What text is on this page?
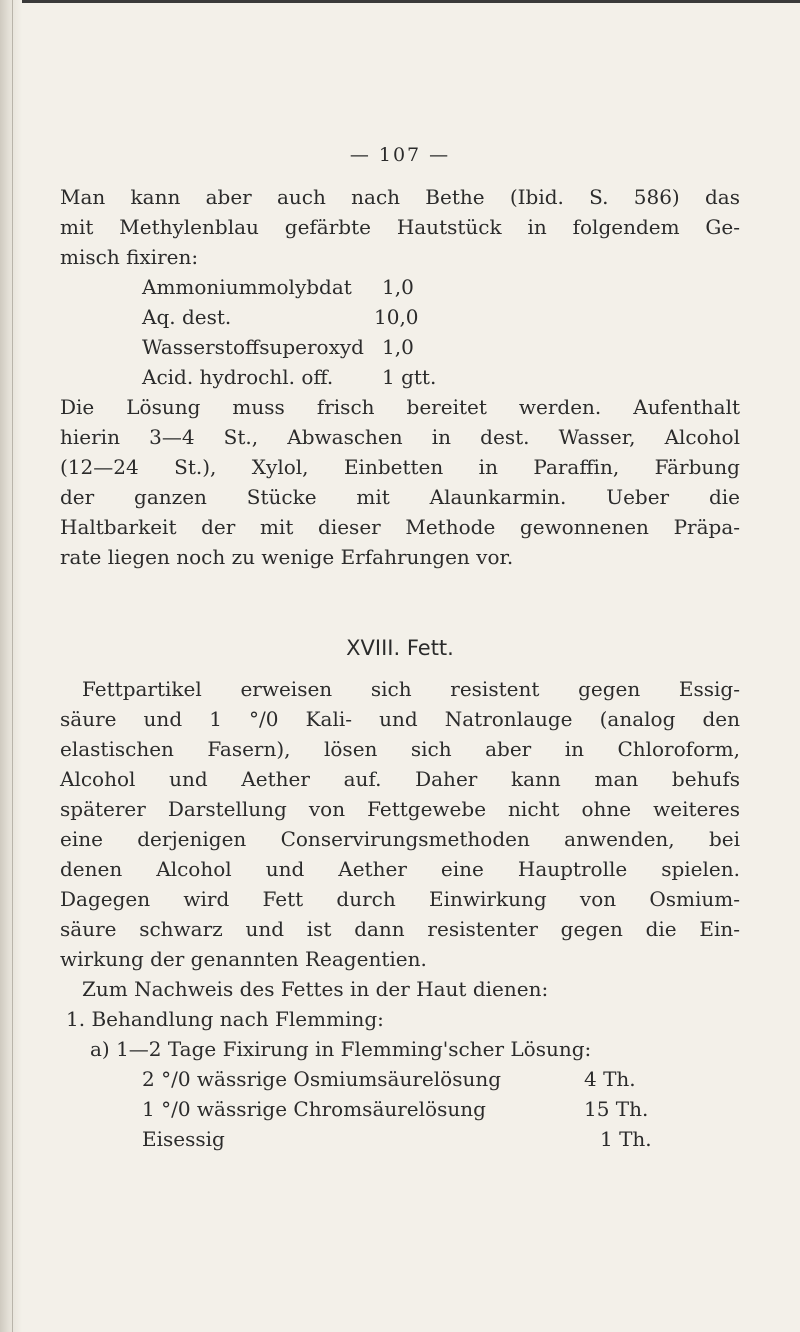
— 107 —
Man kann aber auch nach Bethe (Ibid. S. 586) das
mit Methylenblau gefärbte Hautstück in folgendem Ge-
misch fixiren:
Ammoniummolybdat 1,0
Aq. dest.	10,0
Wasserstoffsuperoxyd 1,0
Acid. hydrochl. off. 1 gtt.
Die Lösung muss frisch bereitet werden. Aufenthalt
hierin 3—4 St., Abwaschen in dest. Wasser, Alcohol
(12—24 St.), Xylol, Einbetten in Paraffin, Färbung
der ganzen Stücke mit Alaunkarmin. Ueber die
Haltbarkeit der mit dieser Methode gewonnenen Präpa-
rate liegen noch zu wenige Erfahrungen vor.
XVIII. Fett.
Fettpartikel erweisen sich resistent gegen Essig-
säure und 1 °/0 Kali- und Natronlauge (analog den
elastischen Fasern), lösen sich aber in Chloroform,
Alcohol und Aether auf. Daher kann man behufs
späterer Darstellung von Fettgewebe nicht ohne weiteres
eine derjenigen Conservirungsmethoden anwenden, bei
denen Alcohol und Aether eine Hauptrolle spielen.
Dagegen wird Fett durch Einwirkung von Osmium-
säure schwarz und ist dann resistenter gegen die Ein-
wirkung der genannten Reagentien.
Zum Nachweis des Fettes in der Haut dienen:
1. Behandlung nach Flemming:
a) 1—2 Tage Fixirung in Flemming'scher Lösung:
2 °/0 wässrige Osmiumsäurelösung	4 Th.
1 °/0 wässrige Chromsäurelösung	15 Th.
Eisessig	1 Th.
